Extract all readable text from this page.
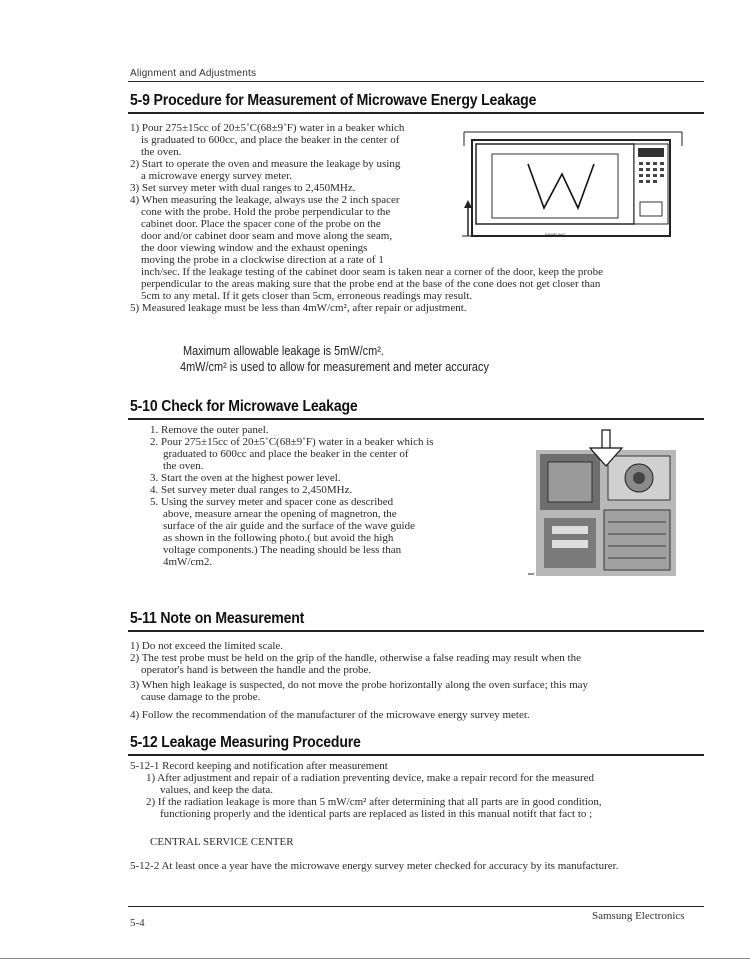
Alignment and Adjustments
5-9 Procedure for Measurement of Microwave Energy Leakage
1) Pour 275±15cc of 20±5˚C(68±9˚F) water in a beaker which
is graduated to 600cc, and place the beaker in the center of
the oven.
2) Start to operate the oven and measure the leakage by using
a microwave energy survey meter.
3) Set survey meter with dual ranges to 2,450MHz.
4) When measuring the leakage, always use the 2 inch spacer
cone with the probe. Hold the probe perpendicular to the
cabinet door. Place the spacer cone of the probe on the
door and/or cabinet door seam and move along the seam,
the door viewing window and the exhaust openings
moving the probe in a clockwise direction at a rate of 1
inch/sec. If the leakage testing of the cabinet door seam is taken near a corner of the door, keep the probe
perpendicular to the areas making sure that the probe end at the base of the cone does not get closer than
5cm to any metal. If it gets closer than 5cm, erroneous readings may result.
5) Measured leakage must be less than 4mW/cm², after repair or adjustment.
SAMSUNG
Maximum allowable leakage is 5mW/cm².
4mW/cm² is used to allow for measurement and meter accuracy
5-10 Check for Microwave Leakage
1. Remove the outer panel.
2. Pour 275±15cc of 20±5˚C(68±9˚F) water in a beaker which is
graduated to 600cc and place the beaker in the center of
the oven.
3. Start the oven at the highest power level.
4. Set survey meter dual ranges to 2,450MHz.
5. Using the survey meter and spacer cone as described
above, measure arnear the opening of magnetron, the
surface of the air guide and the surface of the wave guide
as shown in the following photo.( but avoid the high
voltage components.) The neading should be less than
4mW/cm2.
5-11 Note on Measurement
1) Do not exceed the limited scale.
2) The test probe must be held on the grip of the handle, otherwise a false reading may result when the
operator's hand is between the handle and the probe.
3) When high leakage is suspected, do not move the probe horizontally along the oven surface; this may
cause damage to the probe.
4) Follow the recommendation of the manufacturer of the microwave energy survey meter.
5-12 Leakage Measuring Procedure
5-12-1 Record keeping and notification after measurement
1) After adjustment and repair of a radiation preventing device, make a repair record for the measured
values, and keep the data.
2) If the radiation leakage is more than 5 mW/cm² after determining that all parts are in good condition,
functioning properly and the identical parts are replaced as listed in this manual notift that fact to ;
CENTRAL SERVICE CENTER
5-12-2 At least once a year have the microwave energy survey meter checked for accuracy by its manufacturer.
5-4
Samsung Electronics
